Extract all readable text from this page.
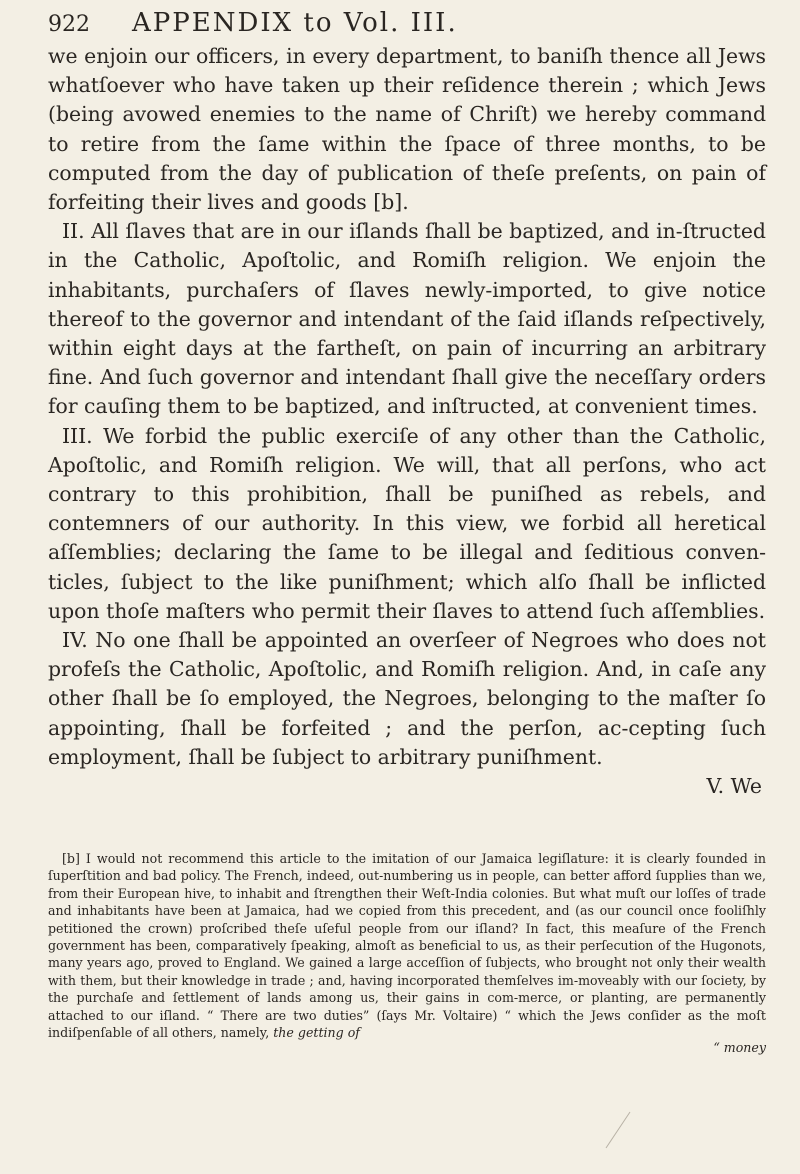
922 APPENDIX to Vol. III.

we enjoin our officers, in every department, to baniſh thence all Jews whatſoever who have taken up their reſidence therein ; which Jews (being avowed enemies to the name of Chriſt) we hereby command to retire from the ſame within the ſpace of three months, to be computed from the day of publication of theſe preſents, on pain of forfeiting their lives and goods [b].

II. All ſlaves that are in our iſlands ſhall be baptized, and in-ſtructed in the Catholic, Apoſtolic, and Romiſh religion. We enjoin the inhabitants, purchaſers of ſlaves newly-imported, to give notice thereof to the governor and intendant of the ſaid iſlands reſpectively, within eight days at the fartheſt, on pain of incurring an arbitrary fine. And ſuch governor and intendant ſhall give the neceſſary orders for cauſing them to be baptized, and inſtructed, at convenient times.

III. We forbid the public exerciſe of any other than the Catholic, Apoſtolic, and Romiſh religion. We will, that all perſons, who act contrary to this prohibition, ſhall be puniſhed as rebels, and contemners of our authority. In this view, we forbid all heretical aſſemblies; declaring the ſame to be illegal and ſeditious conven-ticles, ſubject to the like puniſhment; which alſo ſhall be inflicted upon thoſe maſters who permit their ſlaves to attend ſuch aſſemblies.

IV. No one ſhall be appointed an overſeer of Negroes who does not profeſs the Catholic, Apoſtolic, and Romiſh religion. And, in caſe any other ſhall be ſo employed, the Negroes, belonging to the maſter ſo appointing, ſhall be forfeited ; and the perſon, ac-cepting ſuch employment, ſhall be ſubject to arbitrary puniſhment.

V. We

[b] I would not recommend this article to the imitation of our Jamaica legiſlature: it is clearly founded in ſuperſtition and bad policy. The French, indeed, out-numbering us in people, can better afford ſupplies than we, from their European hive, to inhabit and ſtrengthen their Weſt-India colonies. But what muſt our loſſes of trade and inhabitants have been at Jamaica, had we copied from this precedent, and (as our council once fooliſhly petitioned the crown) proſcribed theſe uſeful people from our iſland? In fact, this meaſure of the French government has been, comparatively ſpeaking, almoſt as beneficial to us, as their perſecution of the Hugonots, many years ago, proved to England. We gained a large acceſſion of ſubjects, who brought not only their wealth with them, but their knowledge in trade ; and, having incorporated themſelves im-moveably with our ſociety, by the purchaſe and ſettlement of lands among us, their gains in com-merce, or planting, are permanently attached to our iſland. “ There are two duties” (ſays Mr. Voltaire) “ which the Jews conſider as the moſt indiſpenſable of all others, namely, the getting of

“ money
